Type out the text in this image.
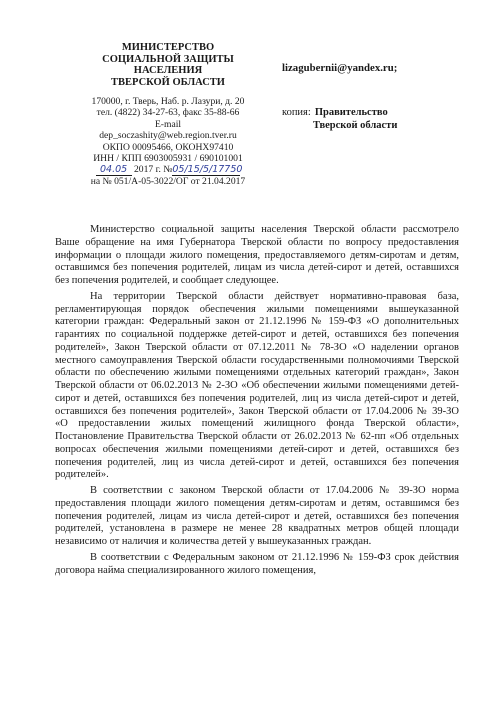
МИНИСТЕРСТВО
СОЦИАЛЬНОЙ ЗАЩИТЫ
НАСЕЛЕНИЯ
ТВЕРСКОЙ ОБЛАСТИ
170000, г. Тверь, Наб. р. Лазури, д. 20
тел. (4822) 34-27-63, факс 35-88-66
E-mail
dep_soczashity@web.region.tver.ru
ОКПО 00095466, ОКОНХ97410
ИНН / КПП 6903005931 / 690101001
04.05 2017 г. №05/15/5/17750
на № 051/А-05-3022/ОГ от 21.04.2017
lizagubernii@yandex.ru;
копия: Правительство
Тверской области

Министерство социальной защиты населения Тверской области рассмотрело Ваше обращение на имя Губернатора Тверской области по вопросу предоставления информации о площади жилого помещения, предоставляемого детям-сиротам и детям, оставшимся без попечения родителей, лицам из числа детей-сирот и детей, оставшихся без попечения родителей, и сообщает следующее.

На территории Тверской области действует нормативно-правовая база, регламентирующая порядок обеспечения жилыми помещениями вышеуказанной категории граждан: Федеральный закон от 21.12.1996 № 159-ФЗ «О дополнительных гарантиях по социальной поддержке детей-сирот и детей, оставшихся без попечения родителей», Закон Тверской области от 07.12.2011 № 78-ЗО «О наделении органов местного самоуправления Тверской области государственными полномочиями Тверской области по обеспечению жилыми помещениями отдельных категорий граждан», Закон Тверской области от 06.02.2013 № 2-ЗО «Об обеспечении жилыми помещениями детей-сирот и детей, оставшихся без попечения родителей, лиц из числа детей-сирот и детей, оставшихся без попечения родителей», Закон Тверской области от 17.04.2006 № 39-ЗО «О предоставлении жилых помещений жилищного фонда Тверской области», Постановление Правительства Тверской области от 26.02.2013 № 62-пп «Об отдельных вопросах обеспечения жилыми помещениями детей-сирот и детей, оставшихся без попечения родителей, лиц из числа детей-сирот и детей, оставшихся без попечения родителей».

В соответствии с законом Тверской области от 17.04.2006 № 39-ЗО норма предоставления площади жилого помещения детям-сиротам и детям, оставшимся без попечения родителей, лицам из числа детей-сирот и детей, оставшихся без попечения родителей, установлена в размере не менее 28 квадратных метров общей площади независимо от наличия и количества детей у вышеуказанных граждан.

В соответствии с Федеральным законом от 21.12.1996 № 159-ФЗ срок действия договора найма специализированного жилого помещения,
